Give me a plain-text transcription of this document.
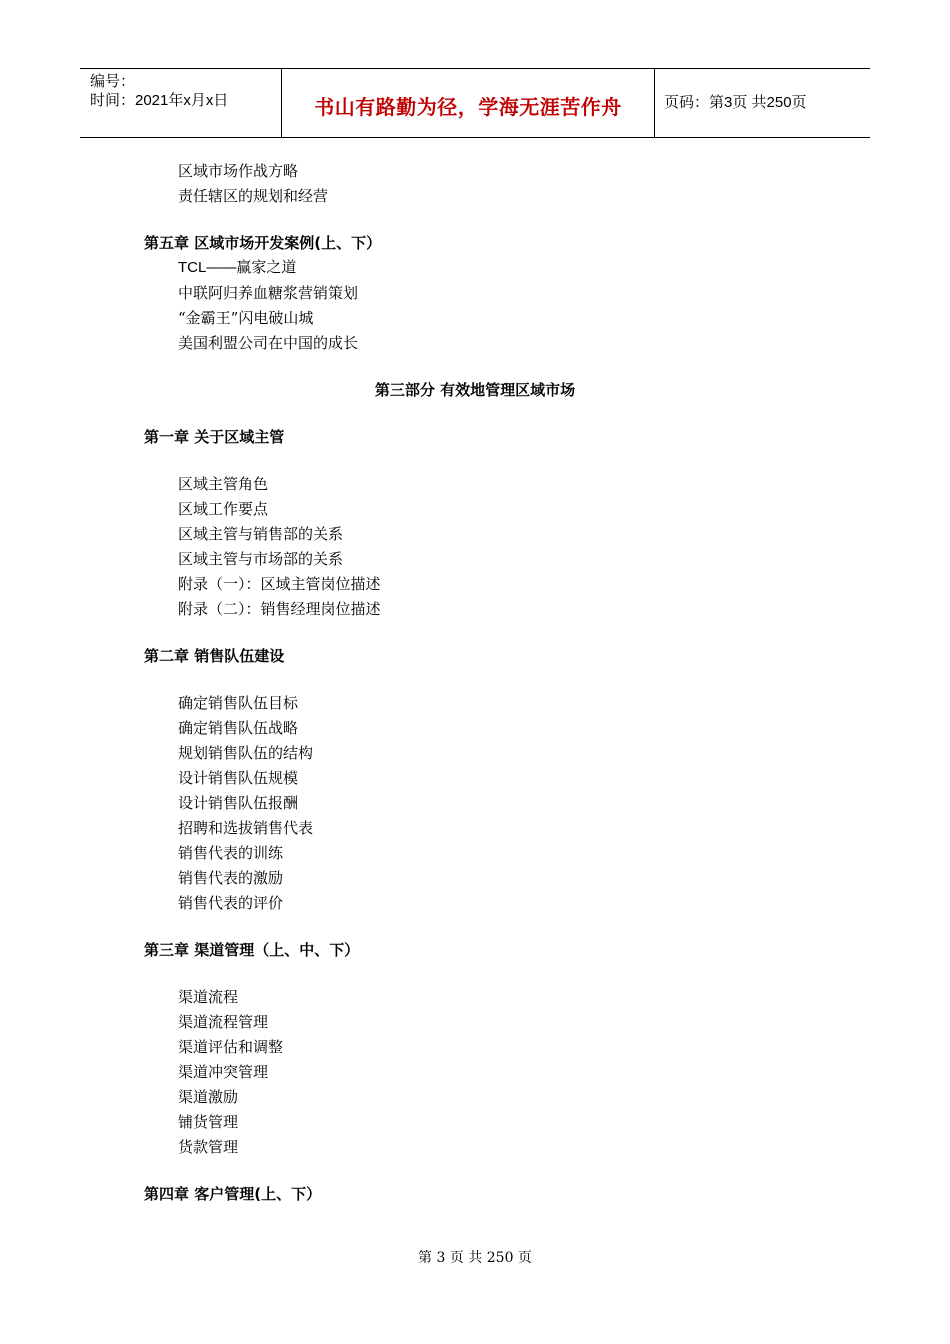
编号：
时间：2021年x月x日	书山有路勤为径，学海无涯苦作舟	页码：第3页 共250页
区域市场作战方略
责任辖区的规划和经营
第五章 区域市场开发案例(上、下）
TCL——赢家之道
中联阿归养血糖浆营销策划
“金霸王”闪电破山城
美国利盟公司在中国的成长
第三部分 有效地管理区域市场
第一章 关于区域主管
区域主管角色
区域工作要点
区域主管与销售部的关系
区域主管与市场部的关系
附录（一）：区域主管岗位描述
附录（二）：销售经理岗位描述
第二章 销售队伍建设
确定销售队伍目标
确定销售队伍战略
规划销售队伍的结构
设计销售队伍规模
设计销售队伍报酬
招聘和选拔销售代表
销售代表的训练
销售代表的激励
销售代表的评价
第三章 渠道管理（上、中、下）
渠道流程
渠道流程管理
渠道评估和调整
渠道冲突管理
渠道激励
铺货管理
货款管理
第四章 客户管理(上、下）
第 3 页 共 250 页
